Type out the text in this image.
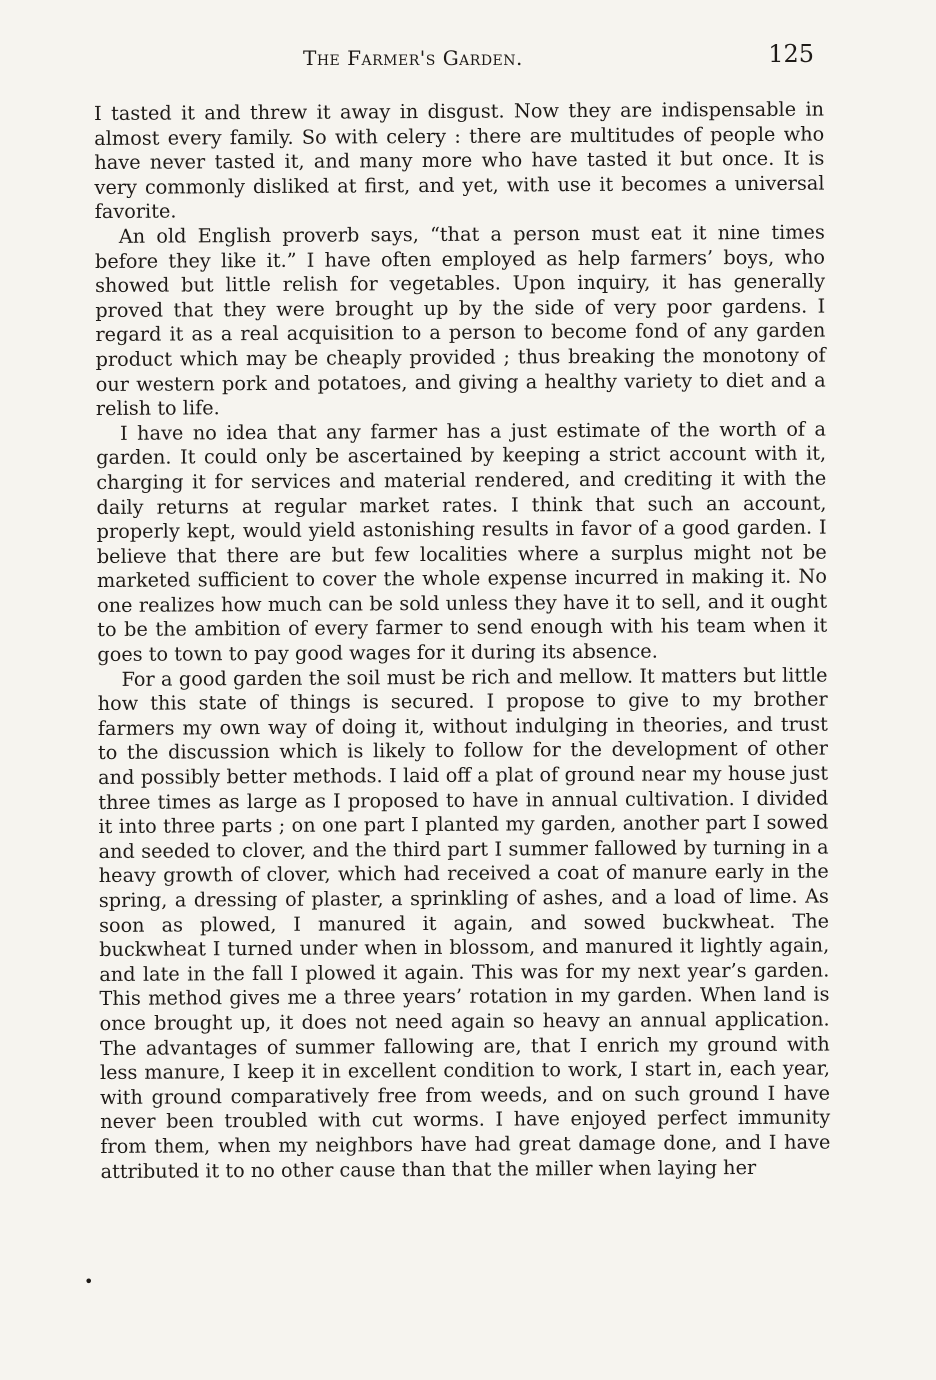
The Farmer's Garden.	125

I tasted it and threw it away in disgust. Now they are indispensable in almost every family. So with celery : there are multitudes of people who have never tasted it, and many more who have tasted it but once. It is very commonly disliked at first, and yet, with use it becomes a universal favorite.

An old English proverb says, “that a person must eat it nine times before they like it.” I have often employed as help farmers’ boys, who showed but little relish for vegetables. Upon inquiry, it has generally proved that they were brought up by the side of very poor gardens. I regard it as a real acquisition to a person to become fond of any garden product which may be cheaply provided ; thus breaking the monotony of our western pork and potatoes, and giving a healthy variety to diet and a relish to life.

I have no idea that any farmer has a just estimate of the worth of a garden. It could only be ascertained by keeping a strict account with it, charging it for services and material rendered, and crediting it with the daily returns at regular market rates. I think that such an account, properly kept, would yield astonishing results in favor of a good garden. I believe that there are but few localities where a surplus might not be marketed sufficient to cover the whole expense incurred in making it. No one realizes how much can be sold unless they have it to sell, and it ought to be the ambition of every farmer to send enough with his team when it goes to town to pay good wages for it during its absence.

For a good garden the soil must be rich and mellow. It matters but little how this state of things is secured. I propose to give to my brother farmers my own way of doing it, without indulging in theories, and trust to the discussion which is likely to follow for the development of other and possibly better methods. I laid off a plat of ground near my house just three times as large as I proposed to have in annual cultivation. I divided it into three parts ; on one part I planted my garden, another part I sowed and seeded to clover, and the third part I summer fallowed by turning in a heavy growth of clover, which had received a coat of manure early in the spring, a dressing of plaster, a sprinkling of ashes, and a load of lime. As soon as plowed, I manured it again, and sowed buckwheat. The buckwheat I turned under when in blossom, and manured it lightly again, and late in the fall I plowed it again. This was for my next year’s garden. This method gives me a three years’ rotation in my garden. When land is once brought up, it does not need again so heavy an annual application. The advantages of summer fallowing are, that I enrich my ground with less manure, I keep it in excellent condition to work, I start in, each year, with ground comparatively free from weeds, and on such ground I have never been troubled with cut worms. I have enjoyed perfect immunity from them, when my neighbors have had great damage done, and I have attributed it to no other cause than that the miller when laying her

•
